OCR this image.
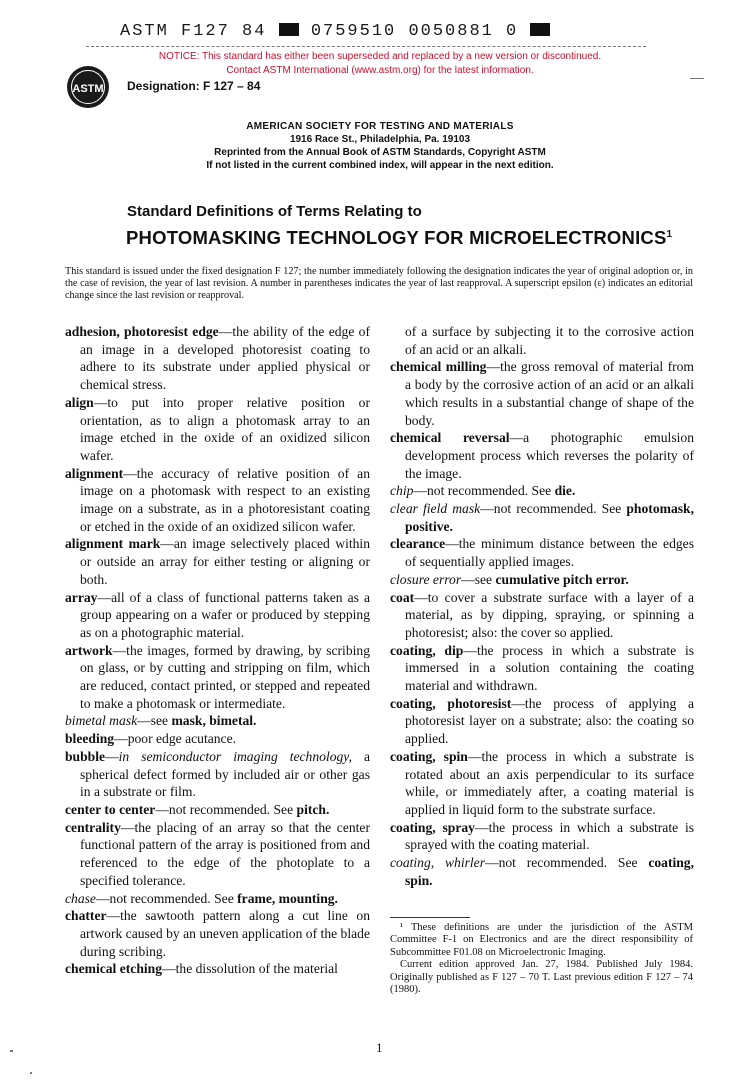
ASTM F127 84	0759510 0050881 0
NOTICE: This standard has either been superseded and replaced by a new version or discontinued.
Contact ASTM International (www.astm.org) for the latest information.
ASTM Designation: F 127 – 84
AMERICAN SOCIETY FOR TESTING AND MATERIALS
1916 Race St., Philadelphia, Pa. 19103
Reprinted from the Annual Book of ASTM Standards, Copyright ASTM
If not listed in the current combined index, will appear in the next edition.
Standard Definitions of Terms Relating to
PHOTOMASKING TECHNOLOGY FOR MICROELECTRONICS$^1$
This standard is issued under the fixed designation F 127; the number immediately following the designation indicates the year of original adoption or, in the case of revision, the year of last revision. A number in parentheses indicates the year of last reapproval. A superscript epsilon (ε) indicates an editorial change since the last revision or reapproval.

adhesion, photoresist edge—the ability of the edge of an image in a developed photoresist coating to adhere to its substrate under applied physical or chemical stress.

align—to put into proper relative position or orientation, as to align a photomask array to an image etched in the oxide of an oxidized silicon wafer.

alignment—the accuracy of relative position of an image on a photomask with respect to an existing image on a substrate, as in a photoresistant coating or etched in the oxide of an oxidized silicon wafer.

alignment mark—an image selectively placed within or outside an array for either testing or aligning or both.

array—all of a class of functional patterns taken as a group appearing on a wafer or produced by stepping as on a photographic material.

artwork—the images, formed by drawing, by scribing on glass, or by cutting and stripping on film, which are reduced, contact printed, or stepped and repeated to make a photomask or intermediate.

bimetal mask—see mask, bimetal.

bleeding—poor edge acutance.

bubble—in semiconductor imaging technology, a spherical defect formed by included air or other gas in a substrate or film.

center to center—not recommended. See pitch.

centrality—the placing of an array so that the center functional pattern of the array is positioned from and referenced to the edge of the photoplate to a specified tolerance.

chase—not recommended. See frame, mounting.

chatter—the sawtooth pattern along a cut line on artwork caused by an uneven application of the blade during scribing.

chemical etching—the dissolution of the material

of a surface by subjecting it to the corrosive action of an acid or an alkali.

chemical milling—the gross removal of material from a body by the corrosive action of an acid or an alkali which results in a substantial change of shape of the body.

chemical reversal—a photographic emulsion development process which reverses the polarity of the image.

chip—not recommended. See die.

clear field mask—not recommended. See photomask, positive.

clearance—the minimum distance between the edges of sequentially applied images.

closure error—see cumulative pitch error.

coat—to cover a substrate surface with a layer of a material, as by dipping, spraying, or spinning a photoresist; also: the cover so applied.

coating, dip—the process in which a substrate is immersed in a solution containing the coating material and withdrawn.

coating, photoresist—the process of applying a photoresist layer on a substrate; also: the coating so applied.

coating, spin—the process in which a substrate is rotated about an axis perpendicular to its surface while, or immediately after, a coating material is applied in liquid form to the substrate surface.

coating, spray—the process in which a substrate is sprayed with the coating material.

coating, whirler—not recommended. See coating, spin.

¹ These definitions are under the jurisdiction of the ASTM Committee F-1 on Electronics and are the direct responsibility of Subcommittee F01.08 on Microelectronic Imaging.

Current edition approved Jan. 27, 1984. Published July 1984. Originally published as F 127 – 70 T. Last previous edition F 127 – 74 (1980).

1
